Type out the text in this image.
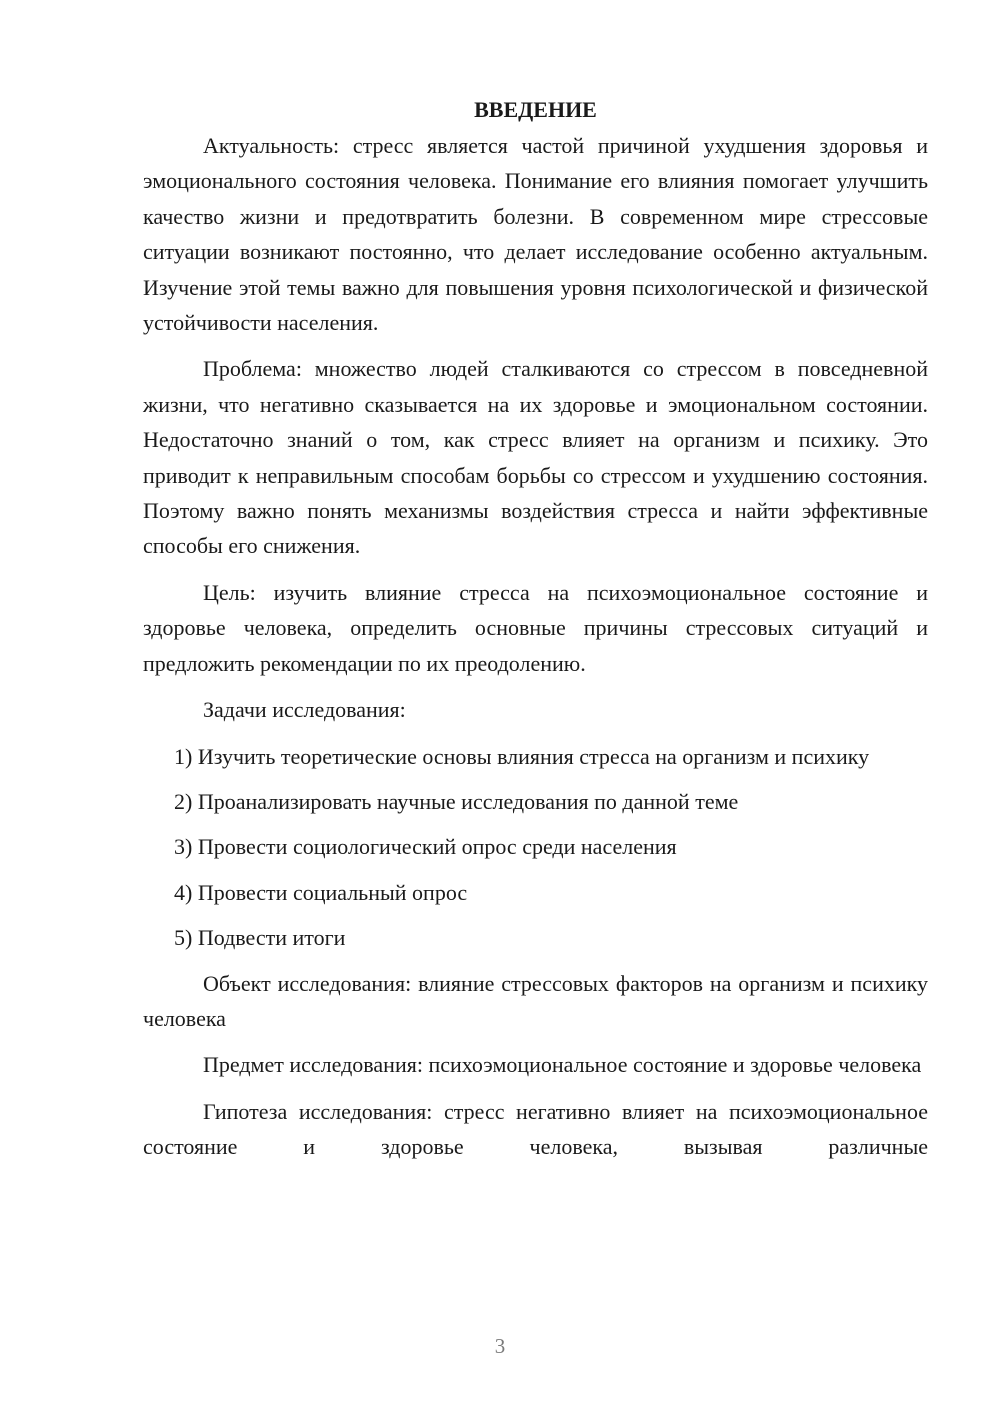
ВВЕДЕНИЕ

Актуальность: стресс является частой причиной ухудшения здоровья и эмоционального состояния человека. Понимание его влияния помогает улучшить качество жизни и предотвратить болезни. В современном мире стрессовые ситуации возникают постоянно, что делает исследование особенно актуальным. Изучение этой темы важно для повышения уровня психологической и физической устойчивости населения.

Проблема: множество людей сталкиваются со стрессом в повседневной жизни, что негативно сказывается на их здоровье и эмоциональном состоянии. Недостаточно знаний о том, как стресс влияет на организм и психику. Это приводит к неправильным способам борьбы со стрессом и ухудшению состояния. Поэтому важно понять механизмы воздействия стресса и найти эффективные способы его снижения.

Цель: изучить влияние стресса на психоэмоциональное состояние и здоровье человека, определить основные причины стрессовых ситуаций и предложить рекомендации по их преодолению.

Задачи исследования:

1) Изучить теоретические основы влияния стресса на организм и психику

2) Проанализировать научные исследования по данной теме

3) Провести социологический опрос среди населения

4) Провести социальный опрос

5) Подвести итоги

Объект исследования: влияние стрессовых факторов на организм и психику человека

Предмет исследования: психоэмоциональное состояние и здоровье человека

Гипотеза исследования: стресс негативно влияет на психоэмоциональное состояние и здоровье человека, вызывая различные

3
